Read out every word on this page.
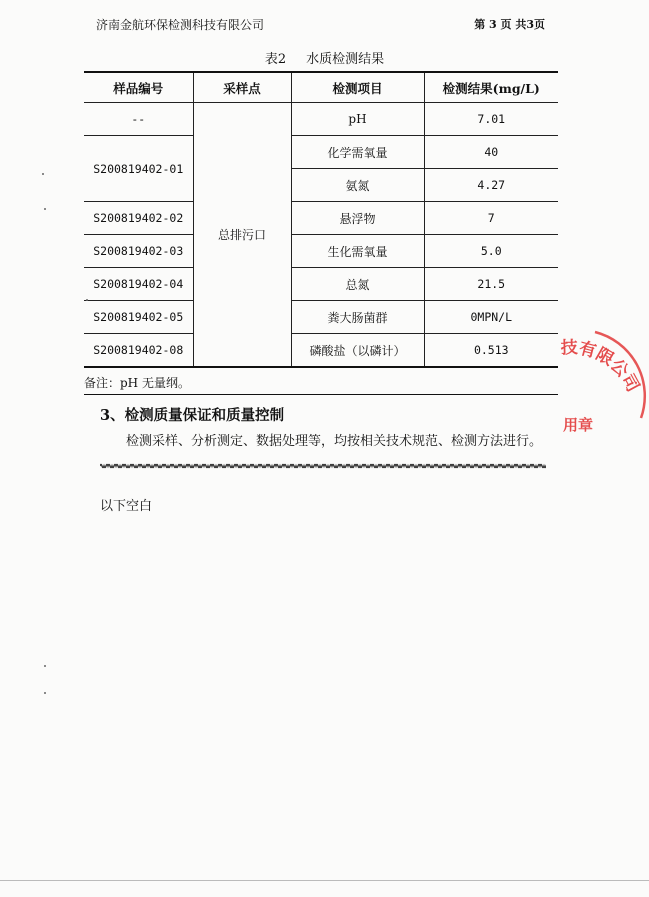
济南金航环保检测科技有限公司	第 3 页 共3页
表2 水质检测结果
样品编号	采样点	检测项目	检测结果(mg/L)
--	总排污口	pH	7.01
S200819402-01		化学需氧量	40
		氨氮	4.27
S200819402-02		悬浮物	7
S200819402-03		生化需氧量	5.0
S200819402-04		总氮	21.5
S200819402-05		粪大肠菌群	0MPN/L
S200819402-08		磷酸盐（以磷计）	0.513
备注：pH 无量纲。
3、检测质量保证和质量控制
检测采样、分析测定、数据处理等，均按相关技术规范、检测方法进行。
以下空白
技有限公司
用章
